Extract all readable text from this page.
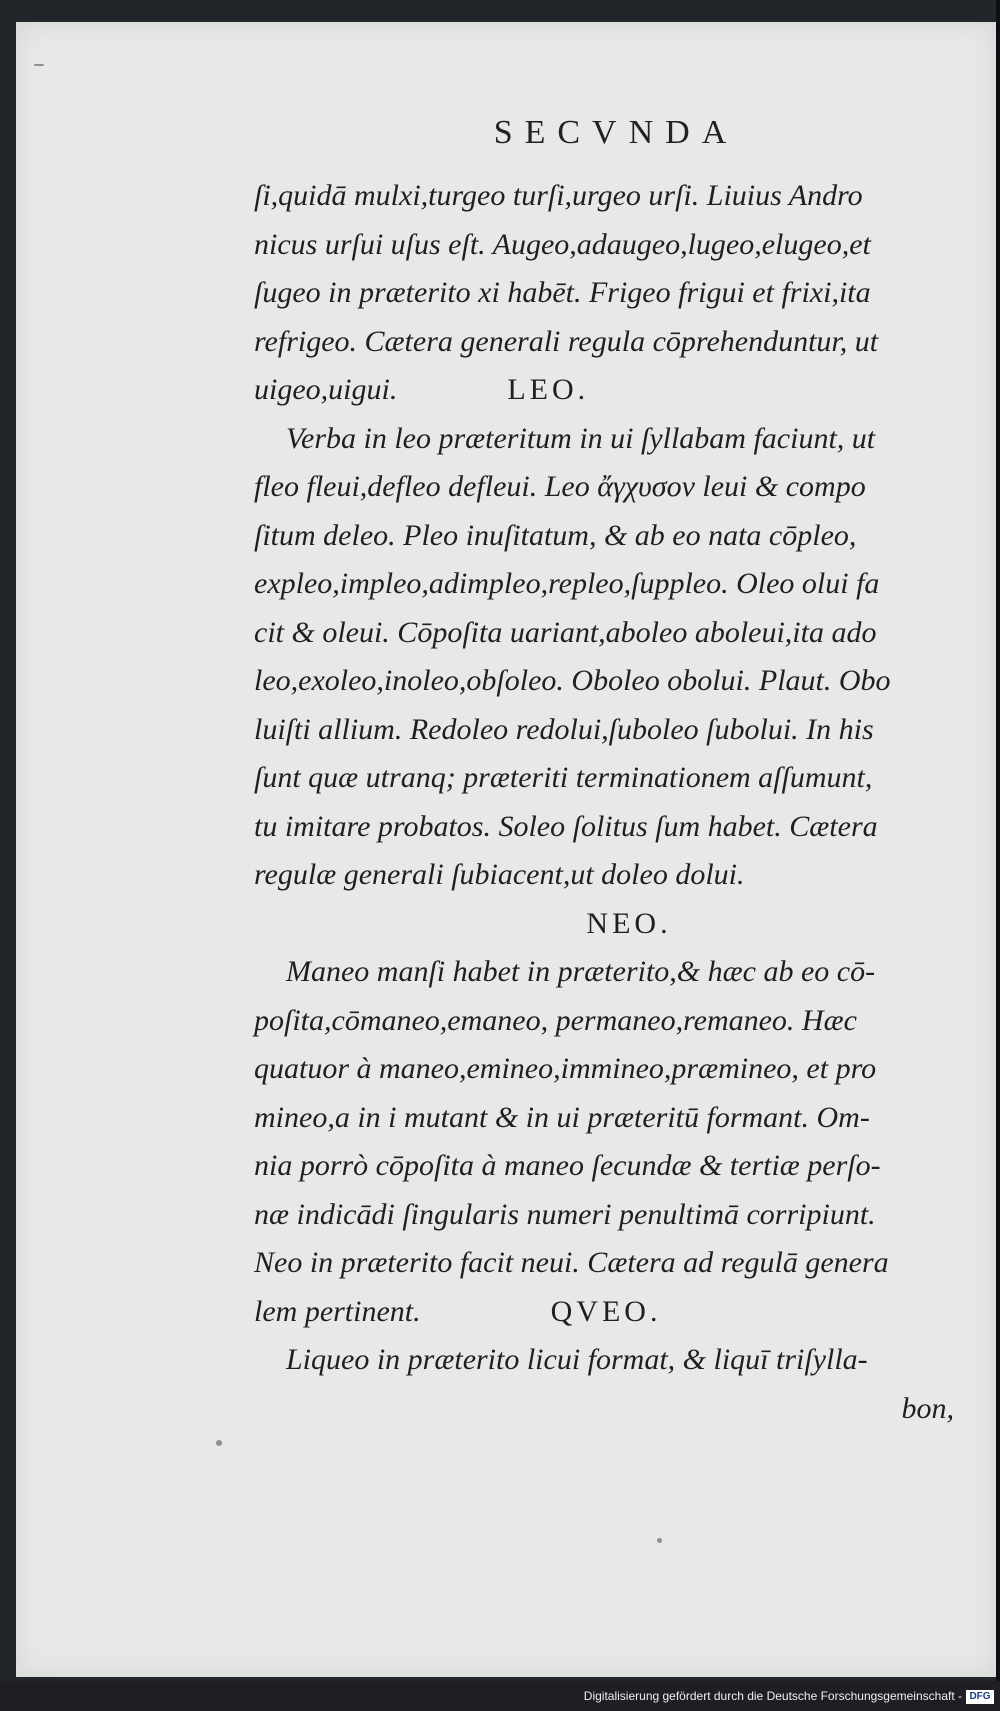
SECVNDA
ſi,quidā mulxi,turgeo turſi,urgeo urſi. Liuius Andro
nicus urſui uſus eſt. Augeo,adaugeo,lugeo,elugeo,et
ſugeo in præterito xi habēt. Frigeo frigui et frixi,ita
refrigeo. Cætera generali regula cōprehenduntur, ut
uigeo,uigui.	LEO.
Verba in leo præteritum in ui ſyllabam faciunt, ut
fleo fleui,defleo defleui. Leo ἄγχυσον leui & compo
ſitum deleo. Pleo inuſitatum, & ab eo nata cōpleo,
expleo,impleo,adimpleo,repleo,ſuppleo. Oleo olui fa
cit & oleui. Cōpoſita uariant,aboleo aboleui,ita ado
leo,exoleo,inoleo,obſoleo. Oboleo obolui. Plaut. Obo
luiſti allium. Redoleo redolui,ſuboleo ſubolui. In his
ſunt quæ utranq; præteriti terminationem aſſumunt,
tu imitare probatos. Soleo ſolitus ſum habet. Cætera
regulæ generali ſubiacent,ut doleo dolui.
NEO.
Maneo manſi habet in præterito,& hæc ab eo cō-
poſita,cōmaneo,emaneo, permaneo,remaneo. Hæc
quatuor à maneo,emineo,immineo,præmineo, et pro
mineo,a in i mutant & in ui præteritū formant. Om-
nia porrò cōpoſita à maneo ſecundæ & tertiæ perſo-
næ indicādi ſingularis numeri penultimā corripiunt.
Neo in præterito facit neui. Cætera ad regulā genera
lem pertinent.	QVEO.
Liqueo in præterito licui format, & liquī triſylla-
bon,
Digitalisierung gefördert durch die Deutsche Forschungsgemeinschaft - DFG
